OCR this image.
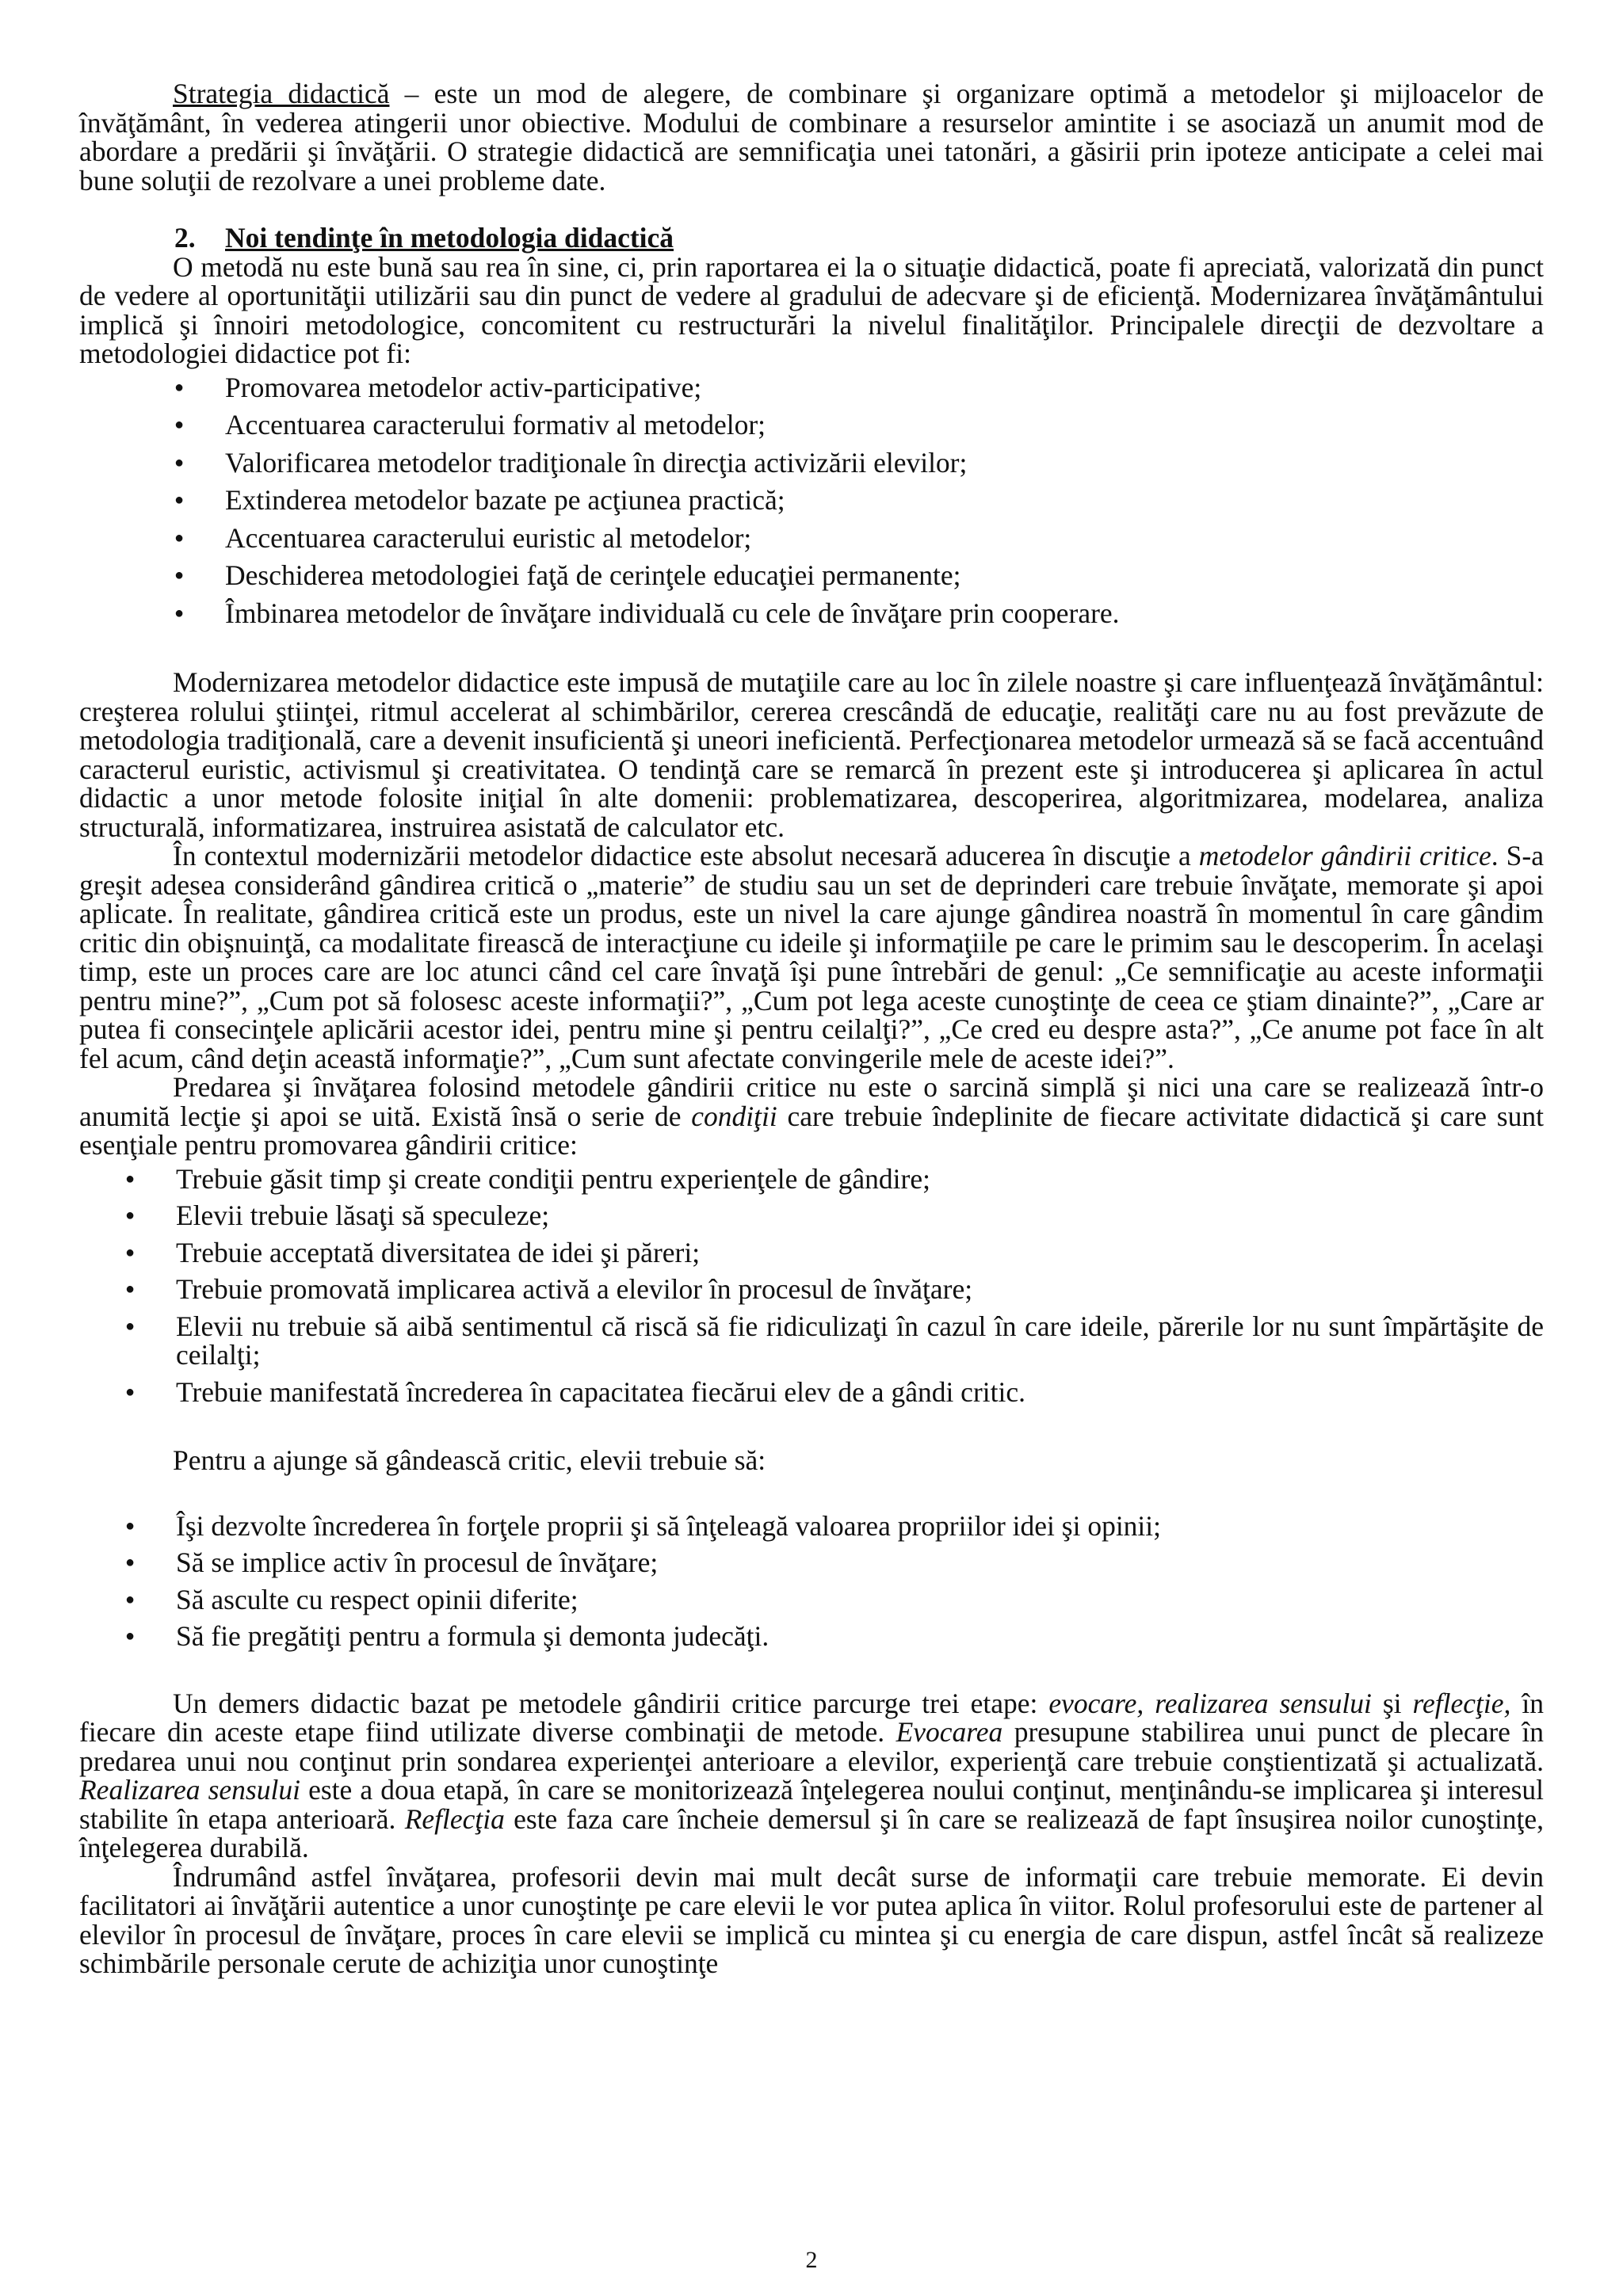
Strategia didactică – este un mod de alegere, de combinare şi organizare optimă a metodelor şi mijloacelor de învăţământ, în vederea atingerii unor obiective. Modului de combinare a resurselor amintite i se asociază un anumit mod de abordare a predării şi învăţării. O strategie didactică are semnificaţia unei tatonări, a găsirii prin ipoteze anticipate a celei mai bune soluţii de rezolvare a unei probleme date.

2. Noi tendinţe în metodologia didactică

O metodă nu este bună sau rea în sine, ci, prin raportarea ei la o situaţie didactică, poate fi apreciată, valorizată din punct de vedere al oportunităţii utilizării sau din punct de vedere al gradului de adecvare şi de eficienţă. Modernizarea învăţământului implică şi înnoiri metodologice, concomitent cu restructurări la nivelul finalităţilor. Principalele direcţii de dezvoltare a metodologiei didactice pot fi:

● Promovarea metodelor activ-participative;
● Accentuarea caracterului formativ al metodelor;
● Valorificarea metodelor tradiţionale în direcţia activizării elevilor;
● Extinderea metodelor bazate pe acţiunea practică;
● Accentuarea caracterului euristic al metodelor;
● Deschiderea metodologiei faţă de cerinţele educaţiei permanente;
● Îmbinarea metodelor de învăţare individuală cu cele de învăţare prin cooperare.

Modernizarea metodelor didactice este impusă de mutaţiile care au loc în zilele noastre şi care influenţează învăţământul: creşterea rolului ştiinţei, ritmul accelerat al schimbărilor, cererea crescândă de educaţie, realităţi care nu au fost prevăzute de metodologia tradiţională, care a devenit insuficientă şi uneori ineficientă. Perfecţionarea metodelor urmează să se facă accentuând caracterul euristic, activismul şi creativitatea. O tendinţă care se remarcă în prezent este şi introducerea şi aplicarea în actul didactic a unor metode folosite iniţial în alte domenii: problematizarea, descoperirea, algoritmizarea, modelarea, analiza structurală, informatizarea, instruirea asistată de calculator etc.

În contextul modernizării metodelor didactice este absolut necesară aducerea în discuţie a metodelor gândirii critice. S-a greşit adesea considerând gândirea critică o „materie” de studiu sau un set de deprinderi care trebuie învăţate, memorate şi apoi aplicate. În realitate, gândirea critică este un produs, este un nivel la care ajunge gândirea noastră în momentul în care gândim critic din obişnuinţă, ca modalitate firească de interacţiune cu ideile şi informaţiile pe care le primim sau le descoperim. În acelaşi timp, este un proces care are loc atunci când cel care învaţă îşi pune întrebări de genul: „Ce semnificaţie au aceste informaţii pentru mine?”, „Cum pot să folosesc aceste informaţii?”, „Cum pot lega aceste cunoştinţe de ceea ce ştiam dinainte?”, „Care ar putea fi consecinţele aplicării acestor idei, pentru mine şi pentru ceilalţi?”, „Ce cred eu despre asta?”, „Ce anume pot face în alt fel acum, când deţin această informaţie?”, „Cum sunt afectate convingerile mele de aceste idei?”.

Predarea şi învăţarea folosind metodele gândirii critice nu este o sarcină simplă şi nici una care se realizează într-o anumită lecţie şi apoi se uită. Există însă o serie de condiţii care trebuie îndeplinite de fiecare activitate didactică şi care sunt esenţiale pentru promovarea gândirii critice:

● Trebuie găsit timp şi create condiţii pentru experienţele de gândire;
● Elevii trebuie lăsaţi să speculeze;
● Trebuie acceptată diversitatea de idei şi păreri;
● Trebuie promovată implicarea activă a elevilor în procesul de învăţare;
● Elevii nu trebuie să aibă sentimentul că riscă să fie ridiculizaţi în cazul în care ideile, părerile lor nu sunt împărtăşite de ceilalţi;
● Trebuie manifestată încrederea în capacitatea fiecărui elev de a gândi critic.

Pentru a ajunge să gândească critic, elevii trebuie să:

● Îşi dezvolte încrederea în forţele proprii şi să înţeleagă valoarea propriilor idei şi opinii;
● Să se implice activ în procesul de învăţare;
● Să asculte cu respect opinii diferite;
● Să fie pregătiţi pentru a formula şi demonta judecăţi.

Un demers didactic bazat pe metodele gândirii critice parcurge trei etape: evocare, realizarea sensului şi reflecţie, în fiecare din aceste etape fiind utilizate diverse combinaţii de metode. Evocarea presupune stabilirea unui punct de plecare în predarea unui nou conţinut prin sondarea experienţei anterioare a elevilor, experienţă care trebuie conştientizată şi actualizată. Realizarea sensului este a doua etapă, în care se monitorizează înţelegerea noului conţinut, menţinându-se implicarea şi interesul stabilite în etapa anterioară. Reflecţia este faza care încheie demersul şi în care se realizează de fapt însuşirea noilor cunoştinţe, înţelegerea durabilă.

Îndrumând astfel învăţarea, profesorii devin mai mult decât surse de informaţii care trebuie memorate. Ei devin facilitatori ai învăţării autentice a unor cunoştinţe pe care elevii le vor putea aplica în viitor. Rolul profesorului este de partener al elevilor în procesul de învăţare, proces în care elevii se implică cu mintea şi cu energia de care dispun, astfel încât să realizeze schimbările personale cerute de achiziţia unor cunoştinţe

2
